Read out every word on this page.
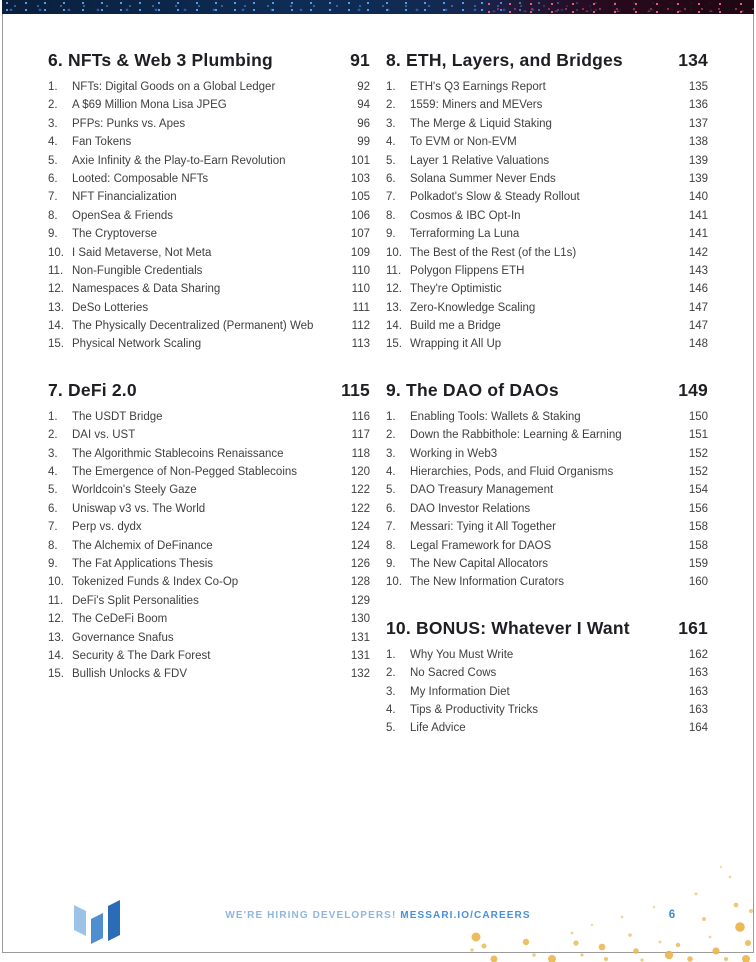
6. NFTs & Web 3 Plumbing	91
1.	NFTs: Digital Goods on a Global Ledger	92
2.	A $69 Million Mona Lisa JPEG	94
3.	PFPs: Punks vs. Apes	96
4.	Fan Tokens	99
5.	Axie Infinity & the Play-to-Earn Revolution	101
6.	Looted: Composable NFTs	103
7.	NFT Financialization	105
8.	OpenSea & Friends	106
9.	The Cryptoverse	107
10. I Said Metaverse, Not Meta	109
11. Non-Fungible Credentials	110
12. Namespaces & Data Sharing	110
13. DeSo Lotteries	111
14. The Physically Decentralized (Permanent) Web	112
15. Physical Network Scaling	113
7. DeFi 2.0	115
1.	The USDT Bridge	116
2.	DAI vs. UST	117
3.	The Algorithmic Stablecoins Renaissance	118
4.	The Emergence of Non-Pegged Stablecoins	120
5.	Worldcoin's Steely Gaze	122
6.	Uniswap v3 vs. The World	122
7.	Perp vs. dydx	124
8.	The Alchemix of DeFinance	124
9.	The Fat Applications Thesis	126
10. Tokenized Funds & Index Co-Op	128
11. DeFi's Split Personalities	129
12. The CeDeFi Boom	130
13. Governance Snafus	131
14. Security & The Dark Forest	131
15. Bullish Unlocks & FDV	132
8. ETH, Layers, and Bridges	134
1.	ETH's Q3 Earnings Report	135
2.	1559: Miners and MEVers	136
3.	The Merge & Liquid Staking	137
4.	To EVM or Non-EVM	138
5.	Layer 1 Relative Valuations	139
6.	Solana Summer Never Ends	139
7.	Polkadot's Slow & Steady Rollout	140
8.	Cosmos & IBC Opt-In	141
9.	Terraforming La Luna	141
10. The Best of the Rest (of the L1s)	142
11. Polygon Flippens ETH	143
12. They're Optimistic	146
13. Zero-Knowledge Scaling	147
14. Build me a Bridge	147
15. Wrapping it All Up	148
9. The DAO of DAOs	149
1.	Enabling Tools: Wallets & Staking	150
2.	Down the Rabbithole: Learning & Earning	151
3.	Working in Web3	152
4.	Hierarchies, Pods, and Fluid Organisms	152
5.	DAO Treasury Management	154
6.	DAO Investor Relations	156
7.	Messari: Tying it All Together	158
8.	Legal Framework for DAOS	158
9.	The New Capital Allocators	159
10. The New Information Curators	160
10. BONUS: Whatever I Want	161
1.	Why You Must Write	162
2.	No Sacred Cows	163
3.	My Information Diet	163
4.	Tips & Productivity Tricks	163
5.	Life Advice	164
WE'RE HIRING DEVELOPERS! MESSARI.IO/CAREERS	6
